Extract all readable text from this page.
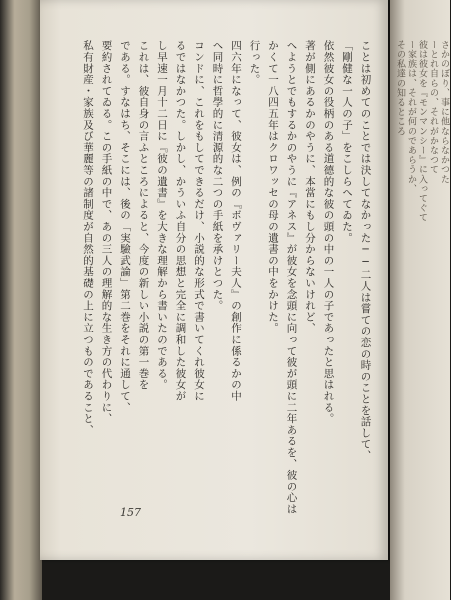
ことは初めてのことでは決してなかった──二人は嘗ての恋の時のことを話して、
「剛健な一人の子」をこしらへてゐた。
依然彼女の役柄のある道德的な彼の頭の中の一人の子であったと思はれる。
著が側にあるかのやうに、本當にもし分からないけれど、
へようとでもするかのやうに『アネス』が彼女を念頭に向って彼が頭に二年あるを、彼の心は
かくて一八四五年はクロワッセの母の遺書の中をかけた。
行った。
四六年になって、彼女は、例の『ボヴァリー夫人』の創作に係るかの中
へ同時に哲學的に清源的な二つの手紙を承けとつた。
コンドに、これをもしてできるだけ、小説的な形式で書いてくれ彼女に
るではなかつた。しかし、かういふ自分の思想と完全に調和した彼女が
し早速一月十二日に『彼の遺書』を大きな理解から書いたのである。
これは、彼自身の言ふところによると、今度の新しい小説の第一巻を
である。すなはち、そこには、後の「実驗武論」第二巻をそれに通して、
要約されてゐる。この手紙の中で、あの三人の理解的な生き方の代わりに、
私有財産・家族及び華麗等の諸制度が自然的基礎の上に立つものであること、
157
さかのぼり、事に他ならなかつた
ーとれ自らの、それがかなつて
彼は彼女を『モンマンシー』に入ってぐて
ー家族は、それが何のであらうか、
その私達の知るところ
